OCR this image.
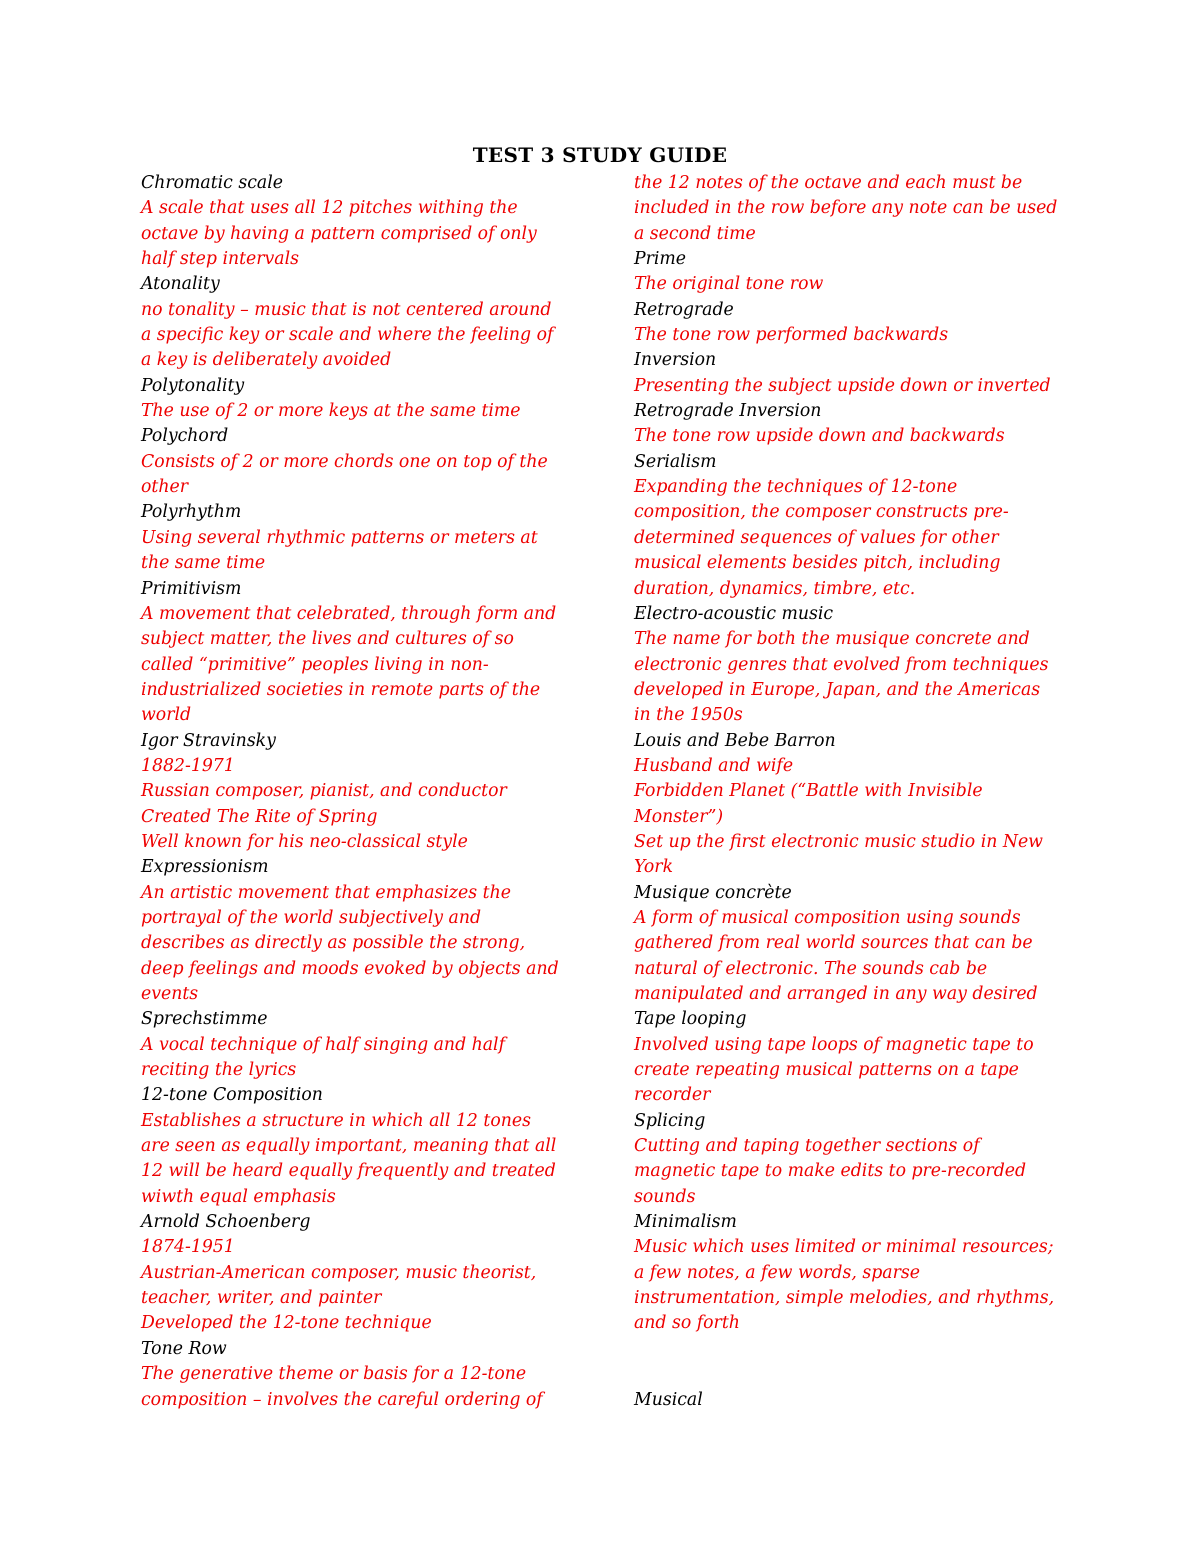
TEST 3 STUDY GUIDE
Chromatic scale
A scale that uses all 12 pitches withing the
octave by having a pattern comprised of only
half step intervals
Atonality
no tonality – music that is not centered around
a specific key or scale and where the feeling of
a key is deliberately avoided
Polytonality
The use of 2 or more keys at the same time
Polychord
Consists of 2 or more chords one on top of the
other
Polyrhythm
Using several rhythmic patterns or meters at
the same time
Primitivism
A movement that celebrated, through form and
subject matter, the lives and cultures of so
called “primitive” peoples living in non-
industrialized societies in remote parts of the
world
Igor Stravinsky
1882-1971
Russian composer, pianist, and conductor
Created The Rite of Spring
Well known for his neo-classical style
Expressionism
An artistic movement that emphasizes the
portrayal of the world subjectively and
describes as directly as possible the strong,
deep feelings and moods evoked by objects and
events
Sprechstimme
A vocal technique of half singing and half
reciting the lyrics
12-tone Composition
Establishes a structure in which all 12 tones
are seen as equally important, meaning that all
12 will be heard equally frequently and treated
wiwth equal emphasis
Arnold Schoenberg
1874-1951
Austrian-American composer, music theorist,
teacher, writer, and painter
Developed the 12-tone technique
Tone Row
The generative theme or basis for a 12-tone
composition – involves the careful ordering of
the 12 notes of the octave and each must be
included in the row before any note can be used
a second time
Prime
The original tone row
Retrograde
The tone row performed backwards
Inversion
Presenting the subject upside down or inverted
Retrograde Inversion
The tone row upside down and backwards
Serialism
Expanding the techniques of 12-tone
composition, the composer constructs pre-
determined sequences of values for other
musical elements besides pitch, including
duration, dynamics, timbre, etc.
Electro-acoustic music
The name for both the musique concrete and
electronic genres that evolved from techniques
developed in Europe, Japan, and the Americas
in the 1950s
Louis and Bebe Barron
Husband and wife
Forbidden Planet (“Battle with Invisible
Monster”)
Set up the first electronic music studio in New
York
Musique concrète
A form of musical composition using sounds
gathered from real world sources that can be
natural of electronic. The sounds cab be
manipulated and arranged in any way desired
Tape looping
Involved using tape loops of magnetic tape to
create repeating musical patterns on a tape
recorder
Splicing
Cutting and taping together sections of
magnetic tape to make edits to pre-recorded
sounds
Minimalism
Music which uses limited or minimal resources;
a few notes, a few words, sparse
instrumentation, simple melodies, and rhythms,
and so forth
Musical
